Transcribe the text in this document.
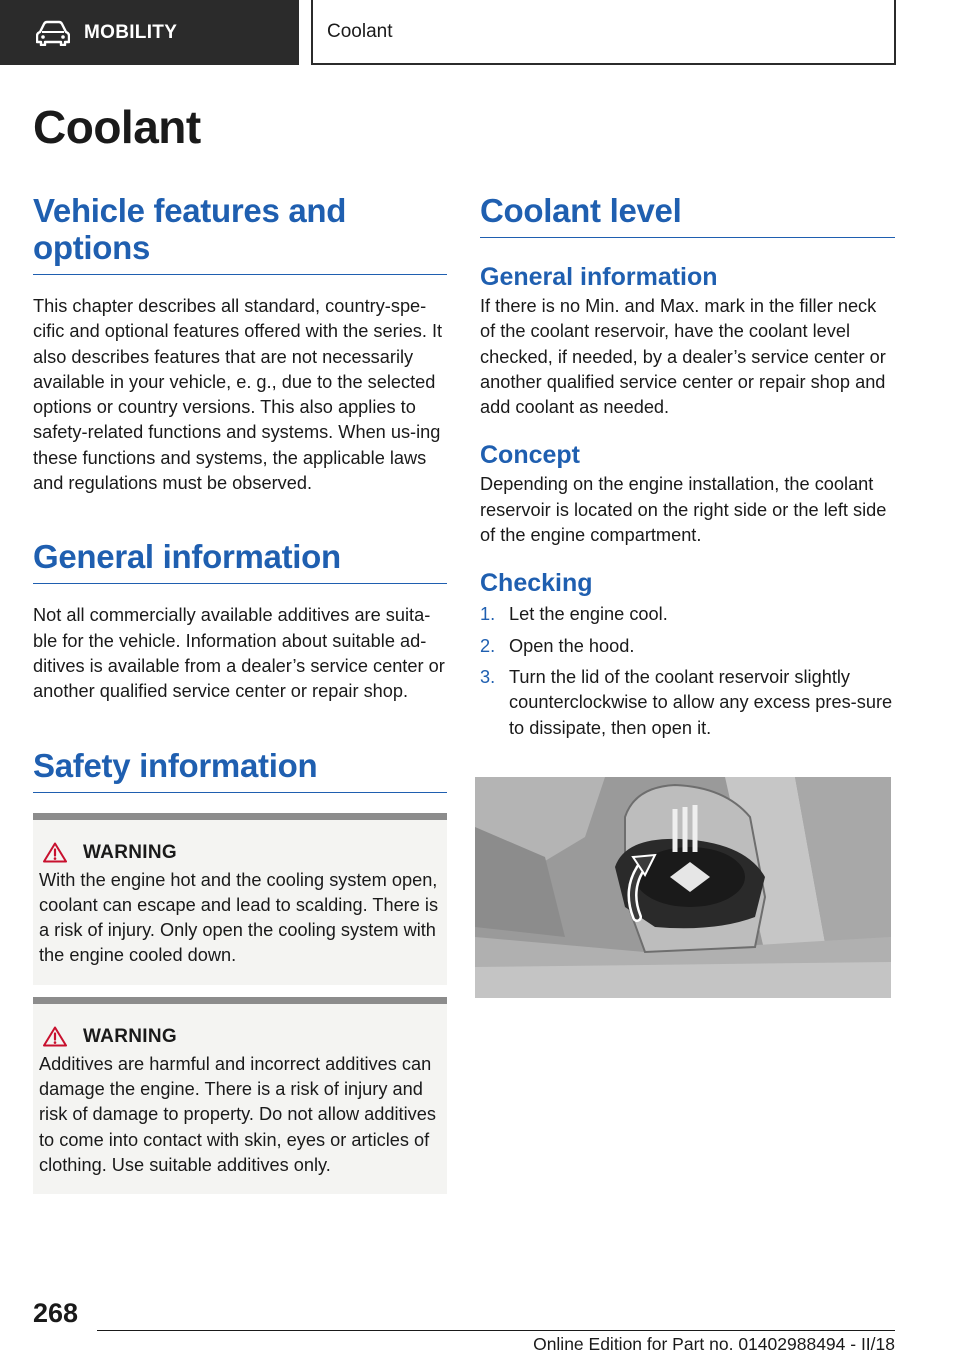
MOBILITY	Coolant
Coolant
Vehicle features and options

This chapter describes all standard, country-spe-cific and optional features offered with the series. It also describes features that are not necessarily available in your vehicle, e. g., due to the selected options or country versions. This also applies to safety-related functions and systems. When us-ing these functions and systems, the applicable laws and regulations must be observed.

General information

Not all commercially available additives are suita-ble for the vehicle. Information about suitable ad-ditives is available from a dealer’s service center or another qualified service center or repair shop.

Safety information
WARNING

With the engine hot and the cooling system open, coolant can escape and lead to scalding. There is a risk of injury. Only open the cooling system with the engine cooled down.

WARNING

Additives are harmful and incorrect additives can damage the engine. There is a risk of injury and risk of damage to property. Do not allow additives to come into contact with skin, eyes or articles of clothing. Use suitable additives only.

Coolant level
General information

If there is no Min. and Max. mark in the filler neck of the coolant reservoir, have the coolant level checked, if needed, by a dealer’s service center or another qualified service center or repair shop and add coolant as needed.

Concept

Depending on the engine installation, the coolant reservoir is located on the right side or the left side of the engine compartment.

Checking
1. Let the engine cool.
2. Open the hood.
3. Turn the lid of the coolant reservoir slightly counterclockwise to allow any excess pres-sure to dissipate, then open it.
268
Online Edition for Part no. 01402988494 - II/18
